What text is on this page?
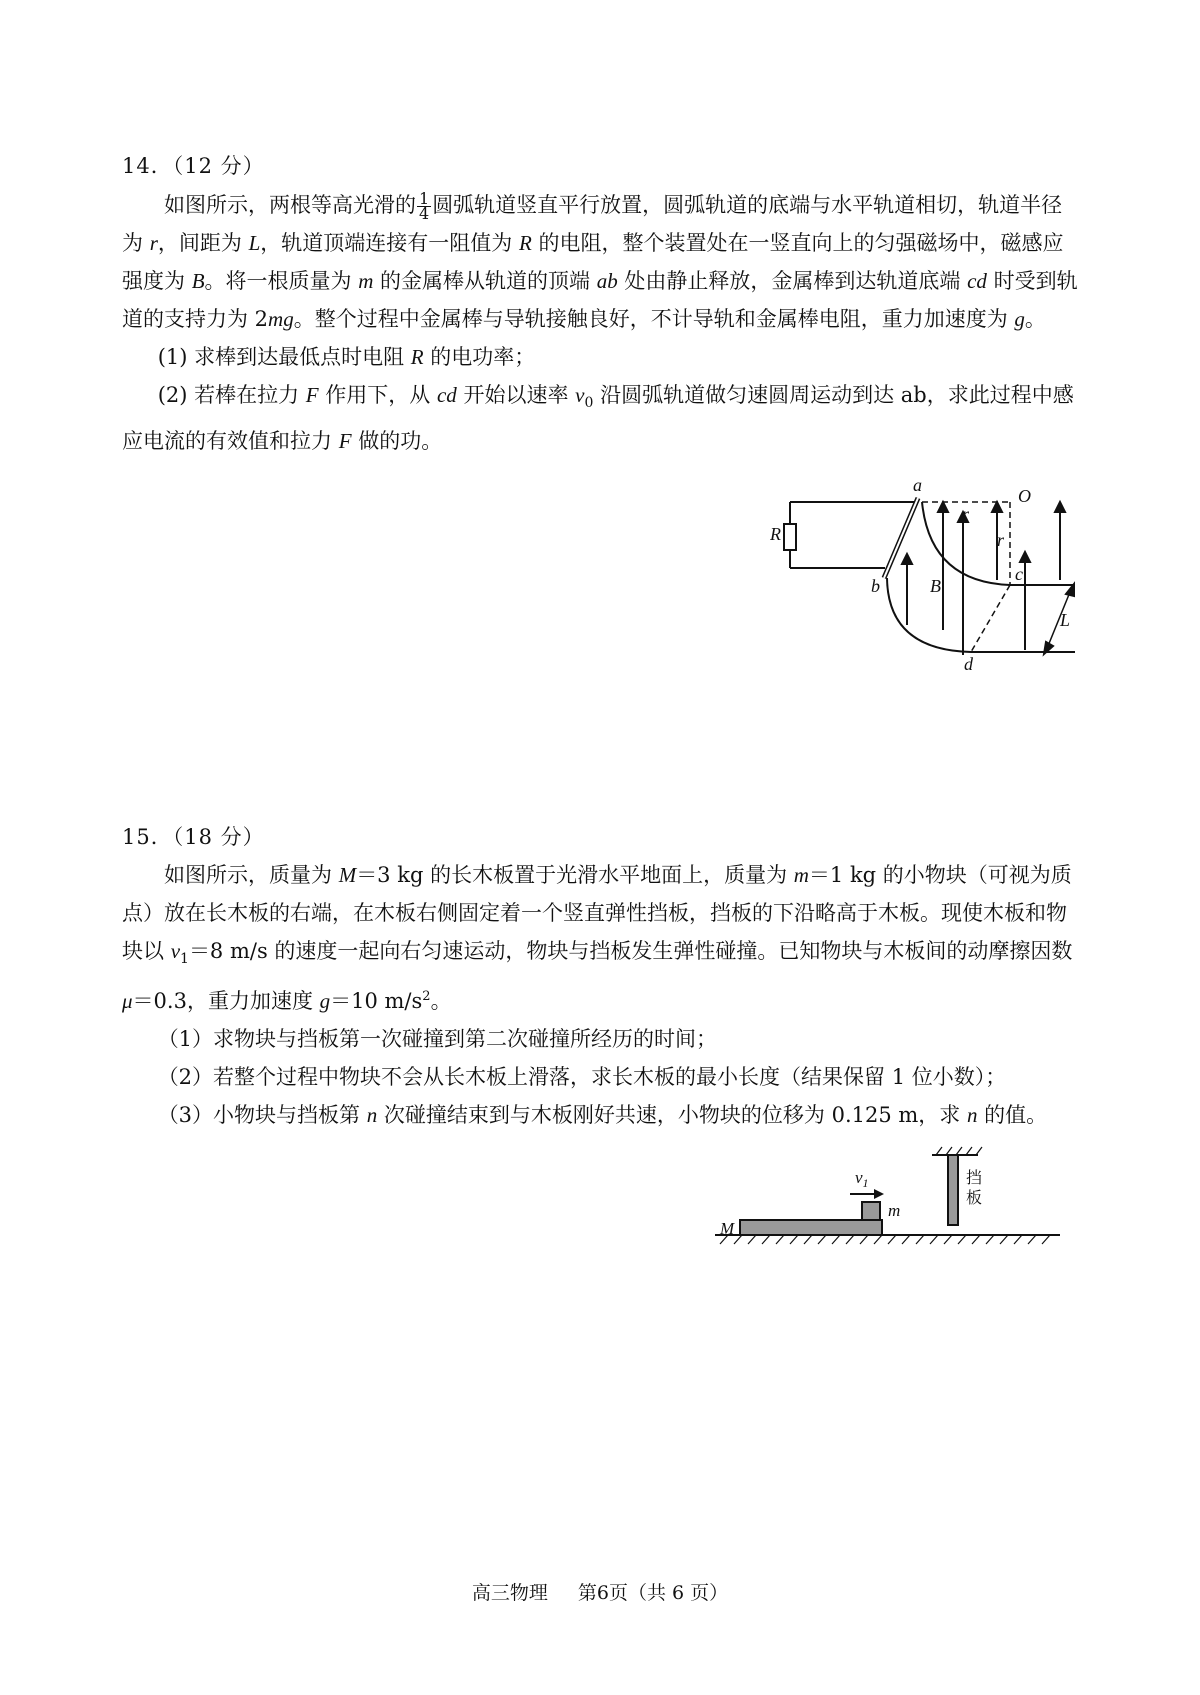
14．（12 分）

如图所示，两根等高光滑的 $\frac{1}{4}$ 圆弧轨道竖直平行放置，圆弧轨道的底端与水平轨道相切，轨道半径为 r，间距为 L，轨道顶端连接有一阻值为 R 的电阻，整个装置处在一竖直向上的匀强磁场中，磁感应强度为 B。将一根质量为 m 的金属棒从轨道的顶端 ab 处由静止释放，金属棒到达轨道底端 cd 时受到轨道的支持力为 2mg。整个过程中金属棒与导轨接触良好，不计导轨和金属棒电阻，重力加速度为 g。

(1) 求棒到达最低点时电阻 R 的电功率；

(2) 若棒在拉力 F 作用下，从 cd 开始以速率 $v_0$ 沿圆弧轨道做匀速圆周运动到达 ab，求此过程中感应电流的有效值和拉力 F 做的功。

a
O
R
r
r
c
b	B
L
d
15．（18 分）

如图所示，质量为 M＝3 kg 的长木板置于光滑水平地面上，质量为 m＝1 kg 的小物块（可视为质点）放在长木板的右端，在木板右侧固定着一个竖直弹性挡板，挡板的下沿略高于木板。现使木板和物块以 $v_1=8$ m/s 的速度一起向右匀速运动，物块与挡板发生弹性碰撞。已知物块与木板间的动摩擦因数 μ＝0.3，重力加速度 g＝10 $m/s^2$。

（1）求物块与挡板第一次碰撞到第二次碰撞所经历的时间；

（2）若整个过程中物块不会从长木板上滑落，求长木板的最小长度（结果保留 1 位小数）；

（3）小物块与挡板第 n 次碰撞结束到与木板刚好共速，小物块的位移为 0.125 m，求 n 的值。

$v_1$
m
M
挡
板
高三物理 第6页（共 6 页）
